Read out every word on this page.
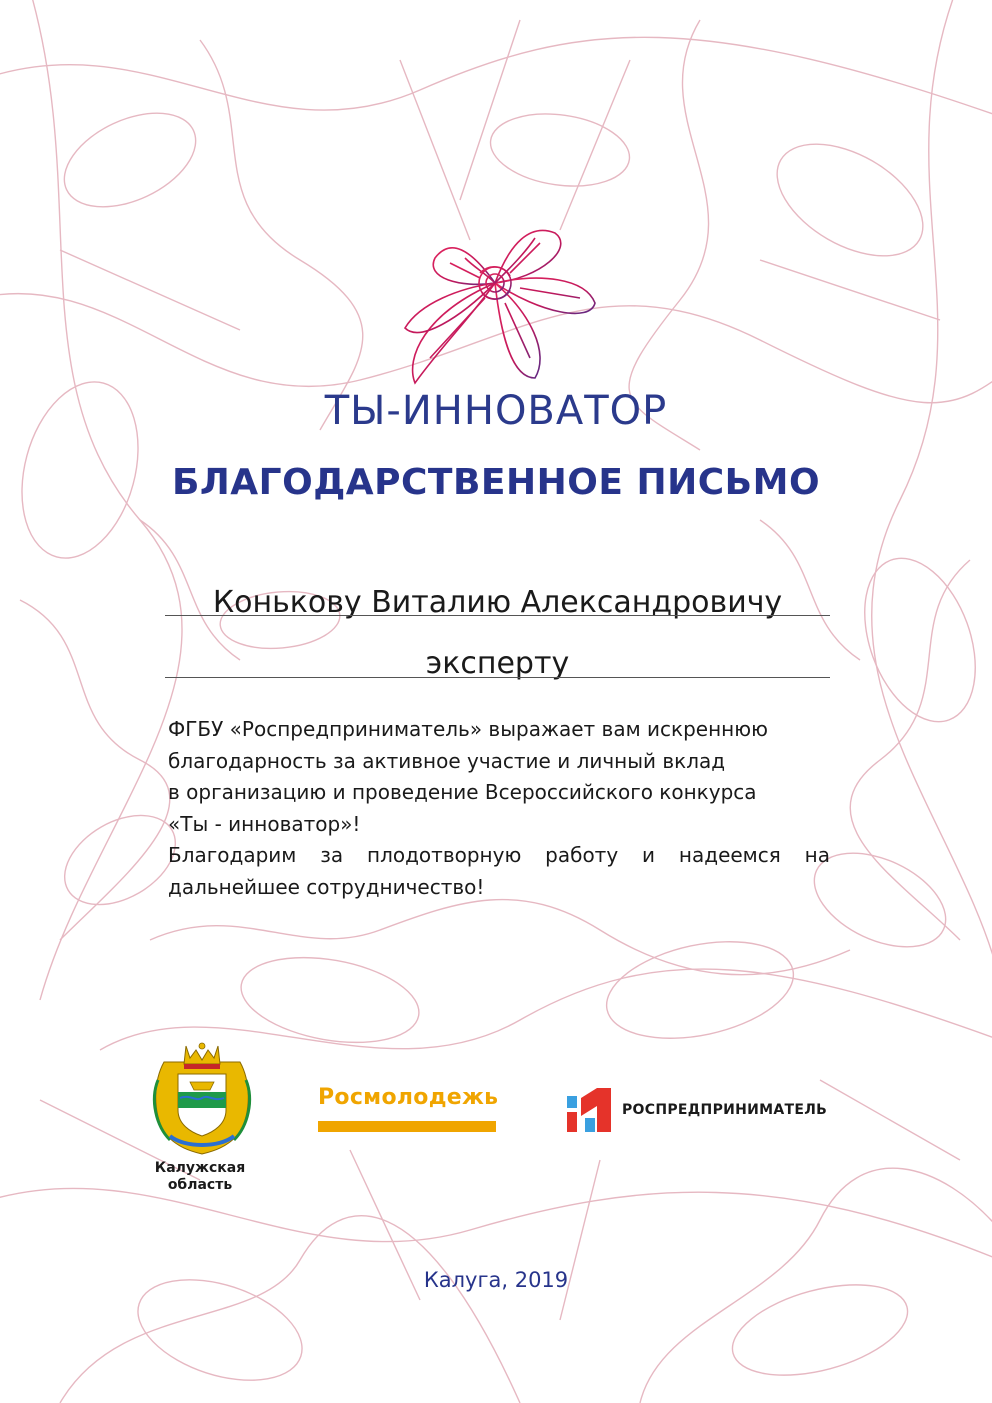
ТЫ-ИННОВАТОР
БЛАГОДАРСТВЕННОЕ ПИСЬМО
Конькову Виталию Александровичу
эксперту

ФГБУ «Роспредприниматель» выражает вам искреннюю

благодарность за активное участие и личный вклад

в организацию и проведение Всероссийского конкурса

«Ты - инноватор»!

Благодарим за плодотворную работу и надеемся на

дальнейшее сотрудничество!

Калужская
область
Росмолодежь	РОСПРЕДПРИНИМАТЕЛЬ
Калуга, 2019
